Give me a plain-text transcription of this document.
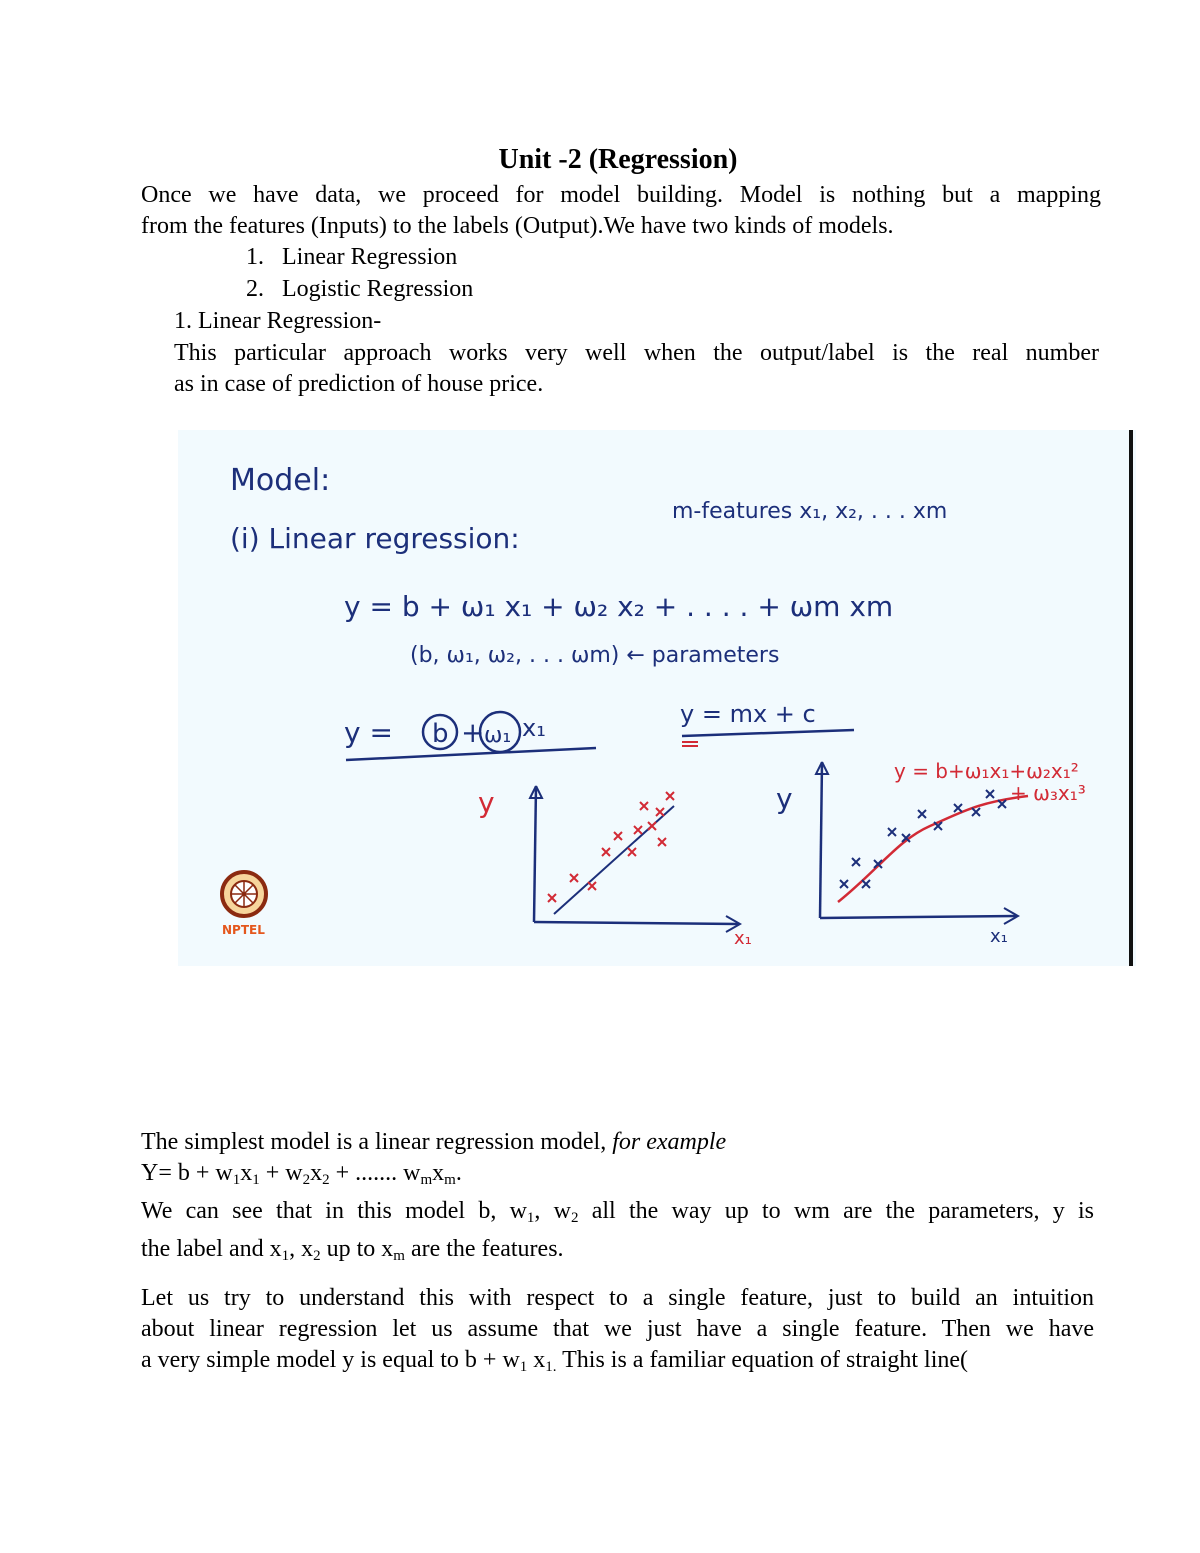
Unit -2 (Regression)
Once we have data, we proceed for model building. Model is nothing but a mapping
from the features (Inputs) to the labels (Output).We have two kinds of models.
1. Linear Regression
2. Logistic Regression
1. Linear Regression-
This particular approach works very well when the output/label is the real number
as in case of prediction of house price.
Model:
(i) Linear regression:
m-features x₁, x₂, . . . xm
y = b + ω₁ x₁ + ω₂ x₂ + . . . . + ωm xm
(b, ω₁, ω₂, . . . ωm) ← parameters
y = b + ω₁ x₁	y = mx + c
y
x₁
y
x₁
y = b+ω₁x₁+ω₂x₁²
+ ω₃x₁³
NPTEL
The simplest model is a linear regression model, for example
$Y= b + w_1x_1 + w_2x_2$ + ....... $w_mx_m$.
We can see that in this model b, $w_1$, $w_2$ all the way up to wm are the parameters, y is
the label and $x_1$, $x_2$ up to $x_m$ are the features.
Let us try to understand this with respect to a single feature, just to build an intuition
about linear regression let us assume that we just have a single feature. Then we have
a very simple model y is equal to $b + w_1$ $x_{1.}$ This is a familiar equation of straight line(
